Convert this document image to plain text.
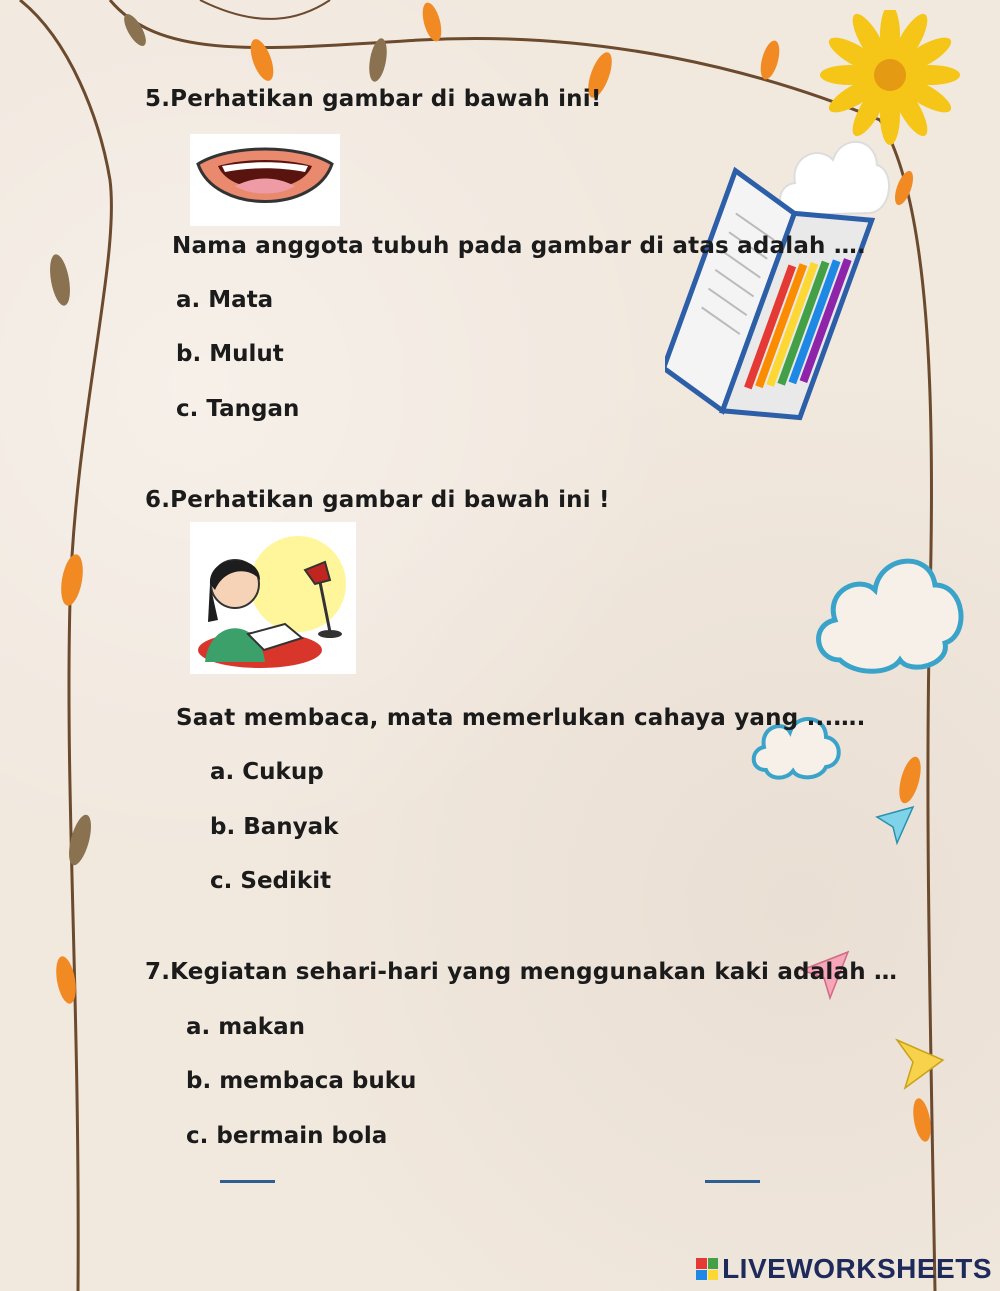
5.Perhatikan gambar di bawah ini!
Nama anggota tubuh pada gambar di atas adalah ….
a. Mata
b. Mulut
c. Tangan
6.Perhatikan gambar di bawah ini !
Saat membaca, mata memerlukan cahaya yang ...….
a. Cukup
b. Banyak
c. Sedikit
7.Kegiatan sehari-hari yang menggunakan kaki adalah …
a. makan
b. membaca buku
c. bermain bola
LIVEWORKSHEETS
